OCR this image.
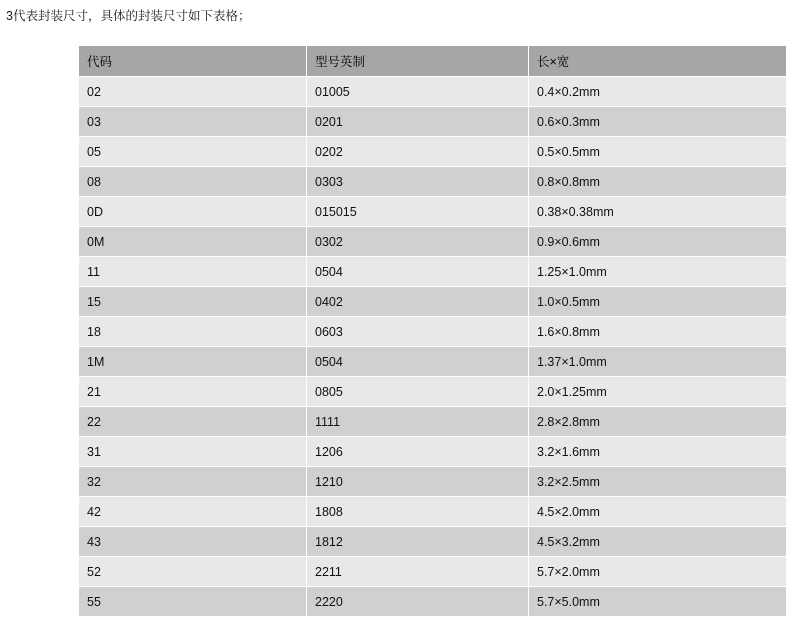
3代表封装尺寸，具体的封装尺寸如下表格；
代码	型号英制	长×宽
02	01005	0.4×0.2mm
03	0201	0.6×0.3mm
05	0202	0.5×0.5mm
08	0303	0.8×0.8mm
0D	015015	0.38×0.38mm
0M	0302	0.9×0.6mm
11	0504	1.25×1.0mm
15	0402	1.0×0.5mm
18	0603	1.6×0.8mm
1M	0504	1.37×1.0mm
21	0805	2.0×1.25mm
22	1111	2.8×2.8mm
31	1206	3.2×1.6mm
32	1210	3.2×2.5mm
42	1808	4.5×2.0mm
43	1812	4.5×3.2mm
52	2211	5.7×2.0mm
55	2220	5.7×5.0mm
